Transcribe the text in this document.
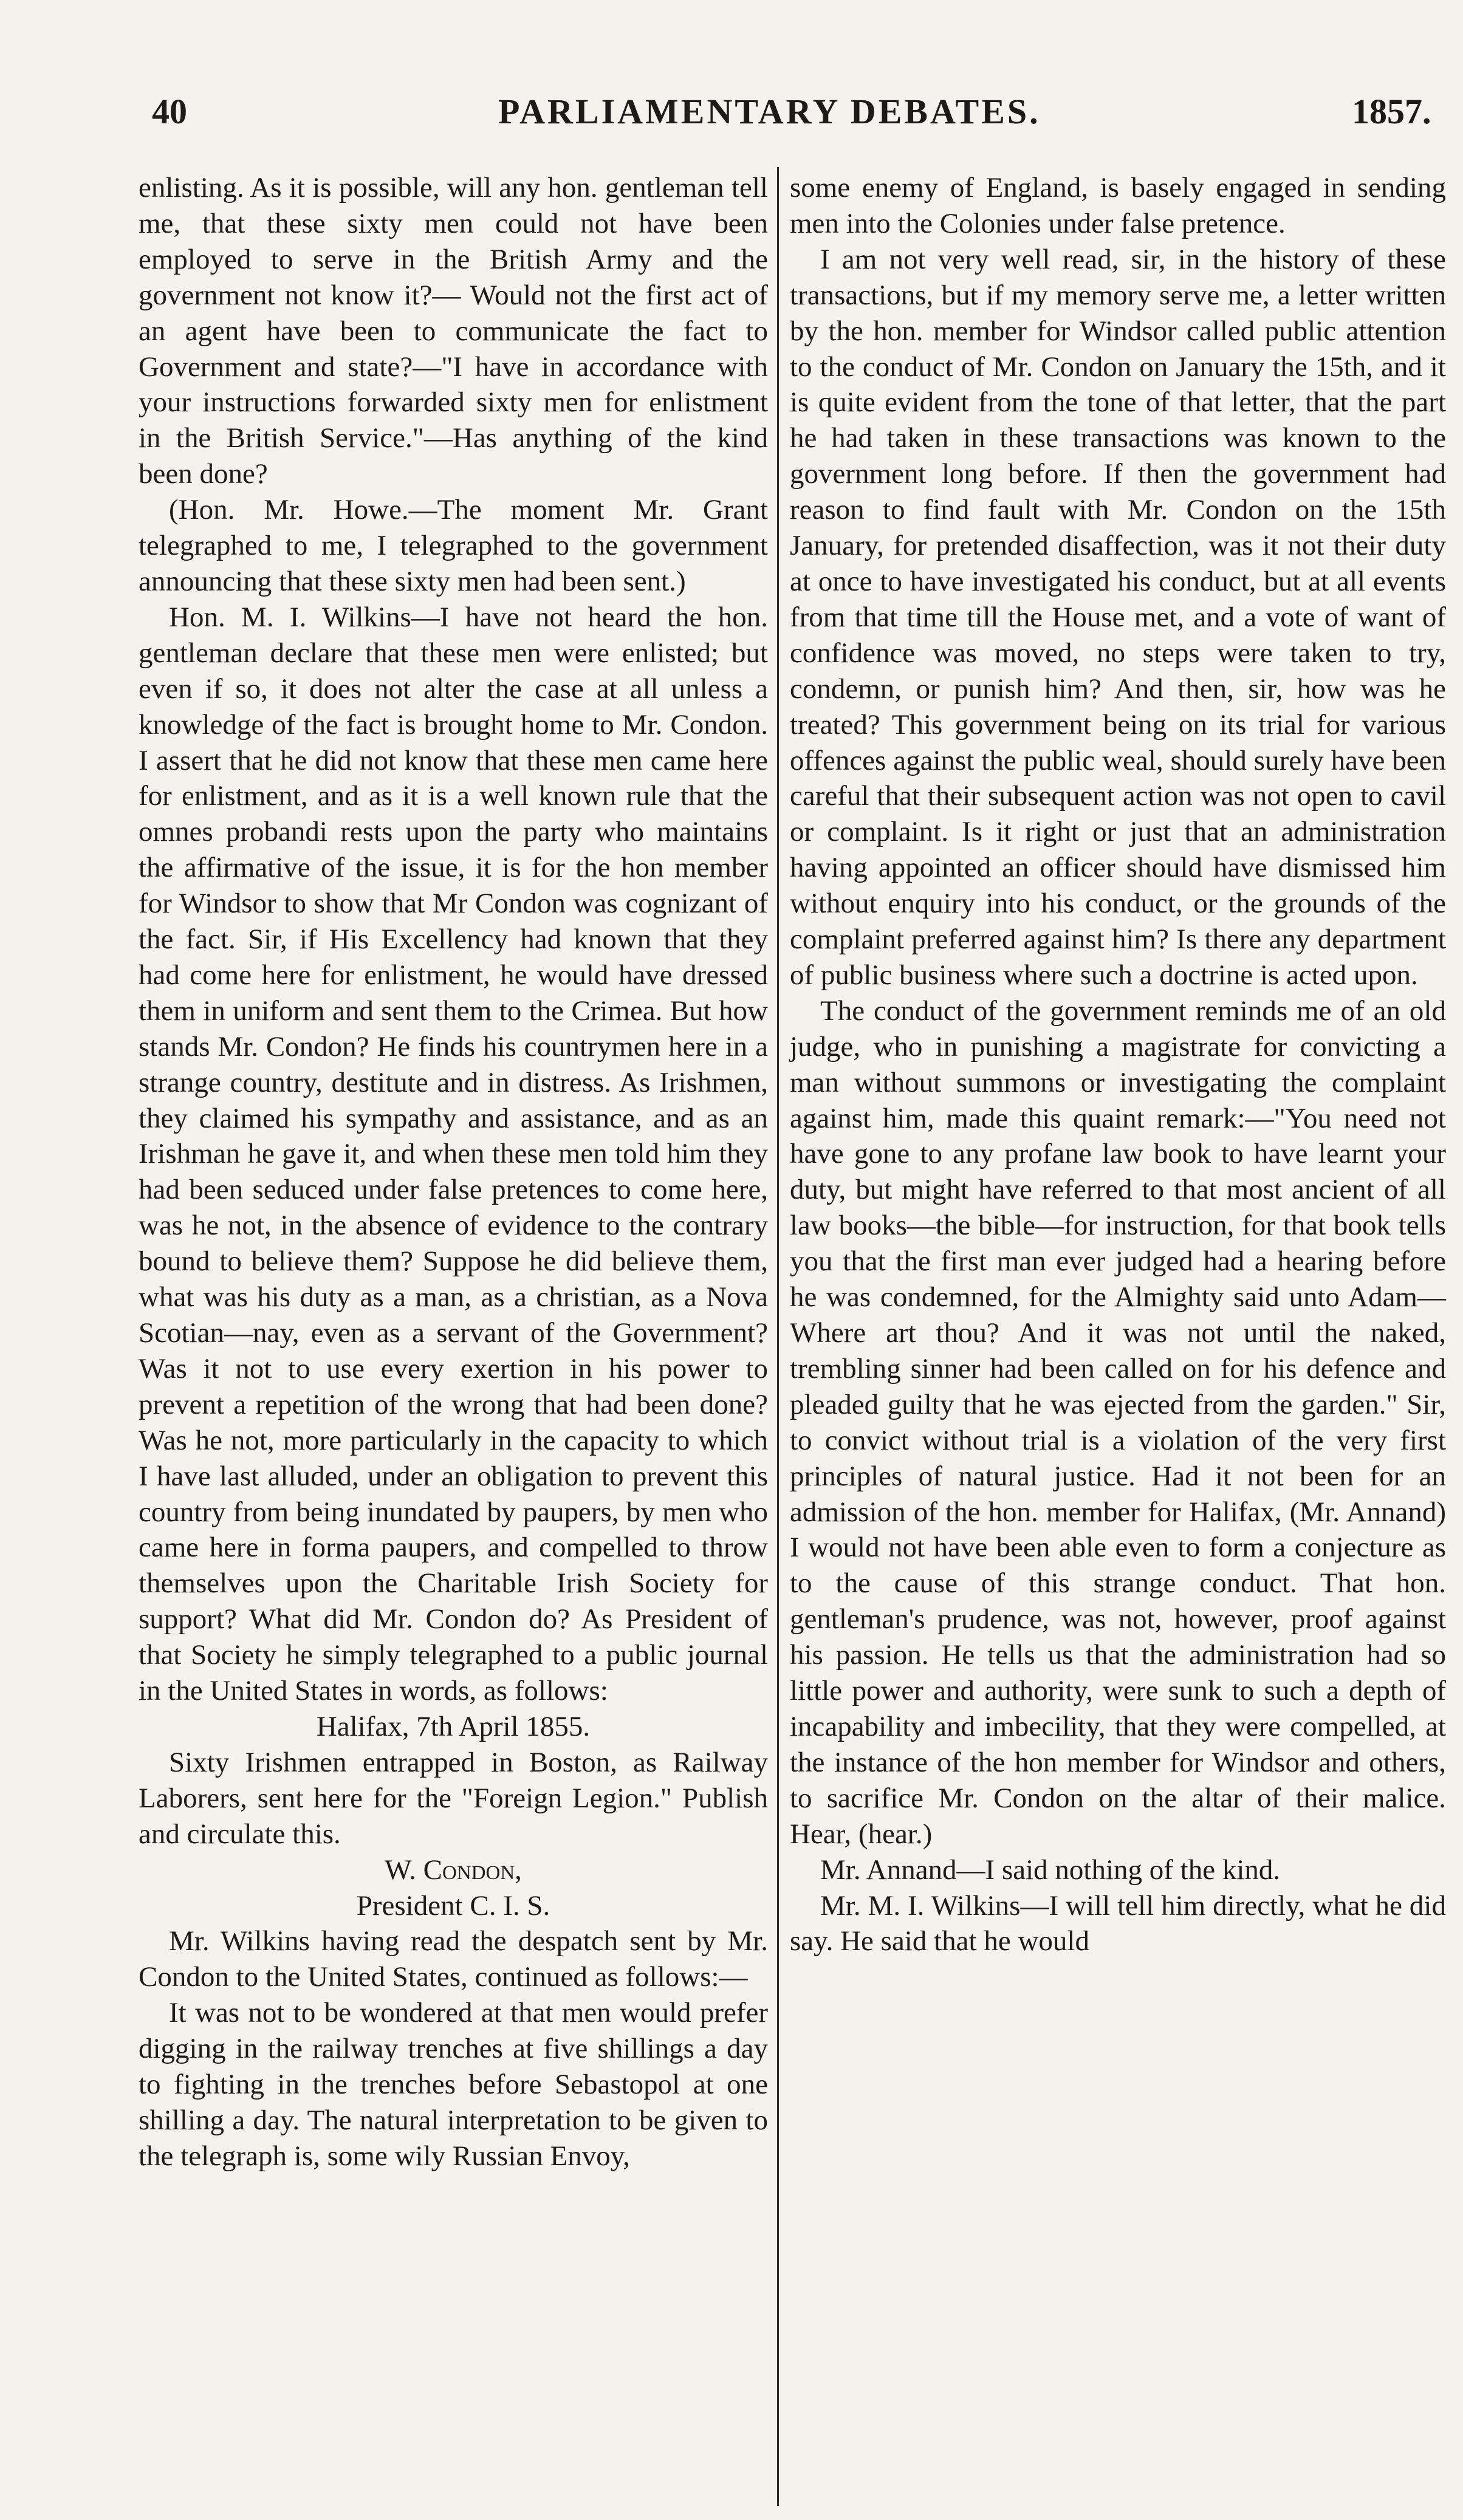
40	PARLIAMENTARY DEBATES.	1857.

enlisting. As it is possible, will any hon. gentleman tell me, that these sixty men could not have been employed to serve in the British Army and the government not know it?— Would not the first act of an agent have been to communicate the fact to Government and state?—"I have in accordance with your instructions forwarded sixty men for enlistment in the British Service."—Has anything of the kind been done?

(Hon. Mr. Howe.—The moment Mr. Grant telegraphed to me, I telegraphed to the government announcing that these sixty men had been sent.)

Hon. M. I. Wilkins—I have not heard the hon. gentleman declare that these men were enlisted; but even if so, it does not alter the case at all unless a knowledge of the fact is brought home to Mr. Condon. I assert that he did not know that these men came here for enlistment, and as it is a well known rule that the omnes probandi rests upon the party who maintains the affirmative of the issue, it is for the hon member for Windsor to show that Mr Condon was cognizant of the fact. Sir, if His Excellency had known that they had come here for enlistment, he would have dressed them in uniform and sent them to the Crimea. But how stands Mr. Condon? He finds his countrymen here in a strange country, destitute and in distress. As Irishmen, they claimed his sympathy and assistance, and as an Irishman he gave it, and when these men told him they had been seduced under false pretences to come here, was he not, in the absence of evidence to the contrary bound to believe them? Suppose he did believe them, what was his duty as a man, as a christian, as a Nova Scotian—nay, even as a servant of the Government? Was it not to use every exertion in his power to prevent a repetition of the wrong that had been done? Was he not, more particularly in the capacity to which I have last alluded, under an obligation to prevent this country from being inundated by paupers, by men who came here in forma paupers, and compelled to throw themselves upon the Charitable Irish Society for support? What did Mr. Condon do? As President of that Society he simply telegraphed to a public journal in the United States in words, as follows:

Halifax, 7th April 1855.

Sixty Irishmen entrapped in Boston, as Railway Laborers, sent here for the "Foreign Legion." Publish and circulate this.

W. Condon,

President C. I. S.

Mr. Wilkins having read the despatch sent by Mr. Condon to the United States, continued as follows:—

It was not to be wondered at that men would prefer digging in the railway trenches at five shillings a day to fighting in the trenches before Sebastopol at one shilling a day. The natural interpretation to be given to the telegraph is, some wily Russian Envoy,

some enemy of England, is basely engaged in sending men into the Colonies under false pretence.

I am not very well read, sir, in the history of these transactions, but if my memory serve me, a letter written by the hon. member for Windsor called public attention to the conduct of Mr. Condon on January the 15th, and it is quite evident from the tone of that letter, that the part he had taken in these transactions was known to the government long before. If then the government had reason to find fault with Mr. Condon on the 15th January, for pretended disaffection, was it not their duty at once to have investigated his conduct, but at all events from that time till the House met, and a vote of want of confidence was moved, no steps were taken to try, condemn, or punish him? And then, sir, how was he treated? This government being on its trial for various offences against the public weal, should surely have been careful that their subsequent action was not open to cavil or complaint. Is it right or just that an administration having appointed an officer should have dismissed him without enquiry into his conduct, or the grounds of the complaint preferred against him? Is there any department of public business where such a doctrine is acted upon.

The conduct of the government reminds me of an old judge, who in punishing a magistrate for convicting a man without summons or investigating the complaint against him, made this quaint remark:—"You need not have gone to any profane law book to have learnt your duty, but might have referred to that most ancient of all law books—the bible—for instruction, for that book tells you that the first man ever judged had a hearing before he was condemned, for the Almighty said unto Adam—Where art thou? And it was not until the naked, trembling sinner had been called on for his defence and pleaded guilty that he was ejected from the garden." Sir, to convict without trial is a violation of the very first principles of natural justice. Had it not been for an admission of the hon. member for Halifax, (Mr. Annand) I would not have been able even to form a conjecture as to the cause of this strange conduct. That hon. gentleman's prudence, was not, however, proof against his passion. He tells us that the administration had so little power and authority, were sunk to such a depth of incapability and imbecility, that they were compelled, at the instance of the hon member for Windsor and others, to sacrifice Mr. Condon on the altar of their malice. Hear, (hear.)

Mr. Annand—I said nothing of the kind.

Mr. M. I. Wilkins—I will tell him directly, what he did say. He said that he would
